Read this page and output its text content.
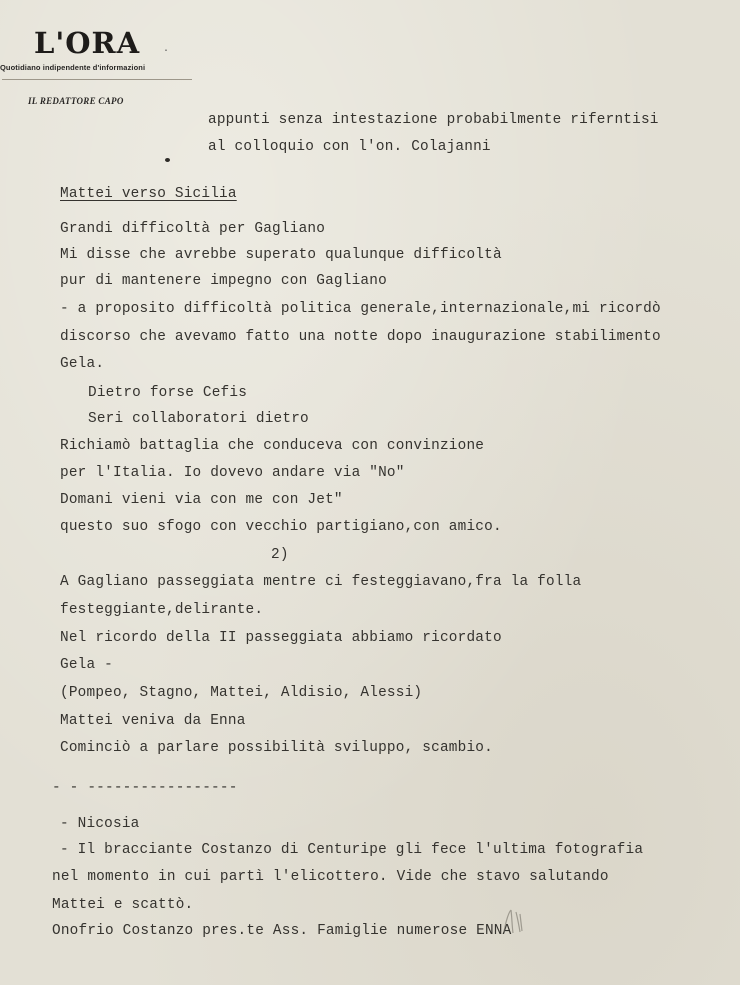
L'ORA ·
Quotidiano indipendente d'informazioni
IL REDATTORE CAPO

appunti senza intestazione probabilmente riferntisi

al colloquio con l'on. Colajanni

Mattei verso Sicilia

Grandi difficoltà per Gagliano

Mi disse che avrebbe superato qualunque difficoltà

pur di mantenere impegno con Gagliano

- a proposito difficoltà politica generale,internazionale,mi ricordò

discorso che avevamo fatto una notte dopo inaugurazione stabilimento

Gela.

Dietro forse Cefis

Seri collaboratori dietro

Richiamò battaglia che conduceva con convinzione

per l'Italia. Io dovevo andare via "No"

Domani vieni via con me con Jet"

questo suo sfogo con vecchio partigiano,con amico.

2)

A Gagliano passeggiata mentre ci festeggiavano,fra la folla

festeggiante,delirante.

Nel ricordo della II passeggiata abbiamo ricordato

Gela -

(Pompeo, Stagno, Mattei, Aldisio, Alessi)

Mattei veniva da Enna

Cominciò a parlare possibilità sviluppo, scambio.

- - -----------------

- Nicosia

- Il bracciante Costanzo di Centuripe gli fece l'ultima fotografia

nel momento in cui partì l'elicottero. Vide che stavo salutando

Mattei e scattò.

Onofrio Costanzo pres.te Ass. Famiglie numerose ENNA
